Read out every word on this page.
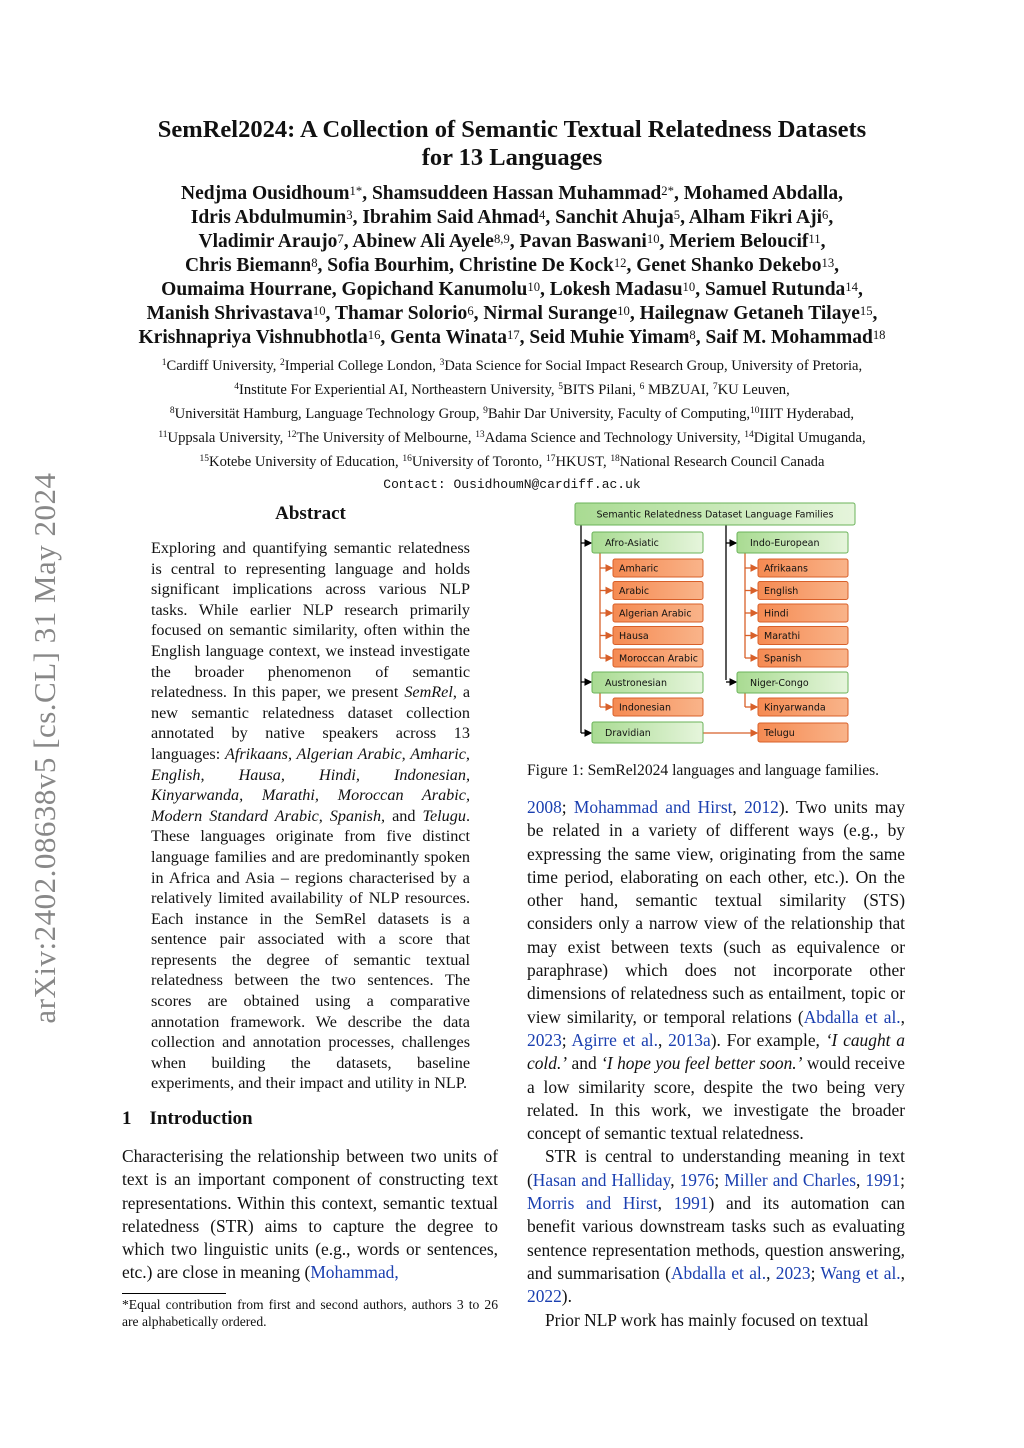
arXiv:2402.08638v5 [cs.CL] 31 May 2024
SemRel2024: A Collection of Semantic Textual Relatedness Datasets
for 13 Languages
Nedjma Ousidhoum$^{1*}$, Shamsuddeen Hassan Muhammad$^{2*}$, Mohamed Abdalla,
Idris Abdulmumin$^3$, Ibrahim Said Ahmad$^4$, Sanchit Ahuja$^5$, Alham Fikri Aji$^6$,
Vladimir Araujo$^7$, Abinew Ali Ayele$^{8,9}$, Pavan Baswani$^{10}$, Meriem Beloucif$^{11}$,
Chris Biemann$^8$, Sofia Bourhim, Christine De Kock$^{12}$, Genet Shanko Dekebo$^{13}$,
Oumaima Hourrane, Gopichand Kanumolu$^{10}$, Lokesh Madasu$^{10}$, Samuel Rutunda$^{14}$,
Manish Shrivastava$^{10}$, Thamar Solorio$^6$, Nirmal Surange$^{10}$, Hailegnaw Getaneh Tilaye$^{15}$,
Krishnapriya Vishnubhotla$^{16}$, Genta Winata$^{17}$, Seid Muhie Yimam$^8$, Saif M. Mohammad$^{18}$
$^1$Cardiff University, $^2$Imperial College London, $^3$Data Science for Social Impact Research Group, University of Pretoria,
$^4$Institute For Experiential AI, Northeastern University, $^5$BITS Pilani, $^6$ MBZUAI, $^7$KU Leuven,
$^8$Universität Hamburg, Language Technology Group, $^9$Bahir Dar University, Faculty of Computing,$^{10}$IIIT Hyderabad,
$^{11}$Uppsala University, $^{12}$The University of Melbourne, $^{13}$Adama Science and Technology University, $^{14}$Digital Umuganda,
$^{15}$Kotebe University of Education, $^{16}$University of Toronto, $^{17}$HKUST, $^{18}$National Research Council Canada
Contact: OusidhoumN@cardiff.ac.uk
Abstract

Exploring and quantifying semantic relatedness is central to representing language and holds significant implications across various NLP tasks. While earlier NLP research primarily focused on semantic similarity, often within the English language context, we instead investigate the broader phenomenon of semantic relatedness. In this paper, we present SemRel, a new semantic relatedness dataset collection annotated by native speakers across 13 languages: Afrikaans, Algerian Arabic, Amharic, English, Hausa, Hindi, Indonesian, Kinyarwanda, Marathi, Moroccan Arabic, Modern Standard Arabic, Spanish, and Telugu. These languages originate from five distinct language families and are predominantly spoken in Africa and Asia – regions characterised by a relatively limited availability of NLP resources. Each instance in the SemRel datasets is a sentence pair associated with a score that represents the degree of semantic textual relatedness between the two sentences. The scores are obtained using a comparative annotation framework. We describe the data collection and annotation processes, challenges when building the datasets, baseline experiments, and their impact and utility in NLP.

1 Introduction

Characterising the relationship between two units of text is an important component of constructing text representations. Within this context, semantic textual relatedness (STR) aims to capture the degree to which two linguistic units (e.g., words or sentences, etc.) are close in meaning (Mohammad,

*Equal contribution from first and second authors, authors 3 to 26 are alphabetically ordered.
Semantic Relatedness Dataset Language Families
Afro-Asiatic	Indo-European
Austronesian	Niger-Congo
Dravidian
Amharic
Arabic
Algerian Arabic
Hausa
Moroccan Arabic
Afrikaans
English
Hindi
Marathi
Spanish
Indonesian	Kinyarwanda
Telugu
Figure 1: SemRel2024 languages and language families.

2008; Mohammad and Hirst, 2012). Two units may be related in a variety of different ways (e.g., by expressing the same view, originating from the same time period, elaborating on each other, etc.). On the other hand, semantic textual similarity (STS) considers only a narrow view of the relationship that may exist between texts (such as equivalence or paraphrase) which does not incorporate other dimensions of relatedness such as entailment, topic or view similarity, or temporal relations (Abdalla et al., 2023; Agirre et al., 2013a). For example, ‘I caught a cold.’ and ‘I hope you feel better soon.’ would receive a low similarity score, despite the two being very related. In this work, we investigate the broader concept of semantic textual relatedness.

STR is central to understanding meaning in text (Hasan and Halliday, 1976; Miller and Charles, 1991; Morris and Hirst, 1991) and its automation can benefit various downstream tasks such as evaluating sentence representation methods, question answering, and summarisation (Abdalla et al., 2023; Wang et al., 2022).

Prior NLP work has mainly focused on textual
